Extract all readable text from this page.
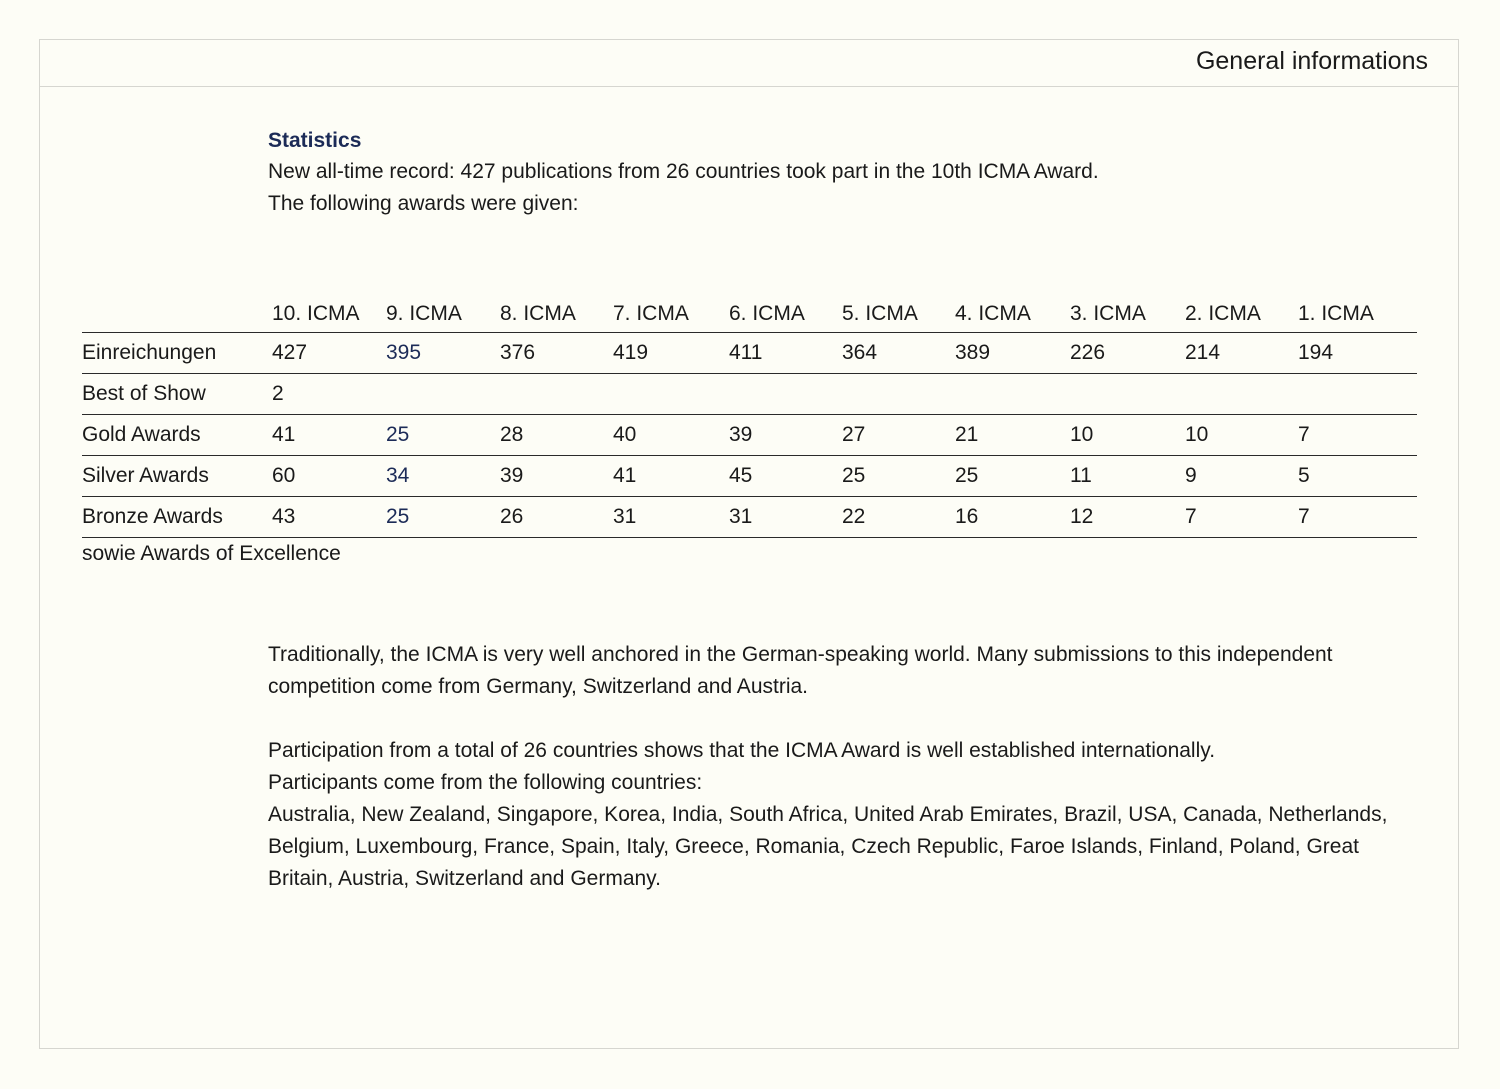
General informations
Statistics
New all-time record: 427 publications from 26 countries took part in the 10th ICMA Award.
The following awards were given:
	10. ICMA	9. ICMA	8. ICMA	7. ICMA	6. ICMA	5. ICMA	4. ICMA	3. ICMA	2. ICMA	1. ICMA
Einreichungen	427	395	376	419	411	364	389	226	214	194
Best of Show	2									
Gold Awards	41	25	28	40	39	27	21	10	10	7
Silver Awards	60	34	39	41	45	25	25	11	9	5
Bronze Awards	43	25	26	31	31	22	16	12	7	7
sowie Awards of Excellence

Traditionally, the ICMA is very well anchored in the German-speaking world. Many submissions to this independent competition come from Germany, Switzerland and Austria.

Participation from a total of 26 countries shows that the ICMA Award is well established internationally.
Participants come from the following countries:
Australia, New Zealand, Singapore, Korea, India, South Africa, United Arab Emirates, Brazil, USA, Canada, Netherlands, Belgium, Luxembourg, France, Spain, Italy, Greece, Romania, Czech Republic, Faroe Islands, Finland, Poland, Great Britain, Austria, Switzerland and Germany.
